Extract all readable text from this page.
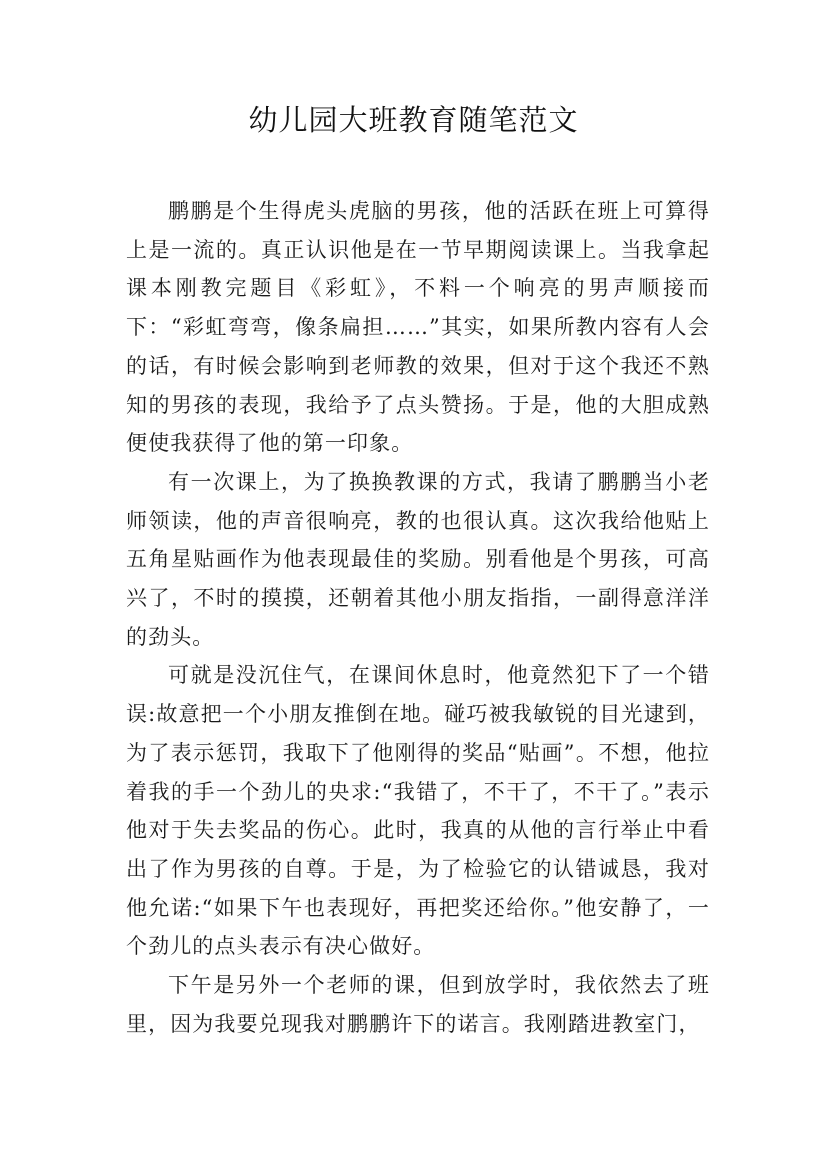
幼儿园大班教育随笔范文

鹏鹏是个生得虎头虎脑的男孩，他的活跃在班上可算得上是一流的。真正认识他是在一节早期阅读课上。当我拿起课本刚教完题目《彩虹》，不料一个响亮的男声顺接而下：“彩虹弯弯，像条扁担……”其实，如果所教内容有人会的话，有时候会影响到老师教的效果，但对于这个我还不熟知的男孩的表现，我给予了点头赞扬。于是，他的大胆成熟便使我获得了他的第一印象。

有一次课上，为了换换教课的方式，我请了鹏鹏当小老师领读，他的声音很响亮，教的也很认真。这次我给他贴上五角星贴画作为他表现最佳的奖励。别看他是个男孩，可高兴了，不时的摸摸，还朝着其他小朋友指指，一副得意洋洋的劲头。

可就是没沉住气，在课间休息时，他竟然犯下了一个错误:故意把一个小朋友推倒在地。碰巧被我敏锐的目光逮到，为了表示惩罚，我取下了他刚得的奖品“贴画”。不想，他拉着我的手一个劲儿的央求:“我错了，不干了，不干了。”表示他对于失去奖品的伤心。此时，我真的从他的言行举止中看出了作为男孩的自尊。于是，为了检验它的认错诚恳，我对他允诺:“如果下午也表现好，再把奖还给你。”他安静了，一个劲儿的点头表示有决心做好。

下午是另外一个老师的课，但到放学时，我依然去了班里，因为我要兑现我对鹏鹏许下的诺言。我刚踏进教室门，
